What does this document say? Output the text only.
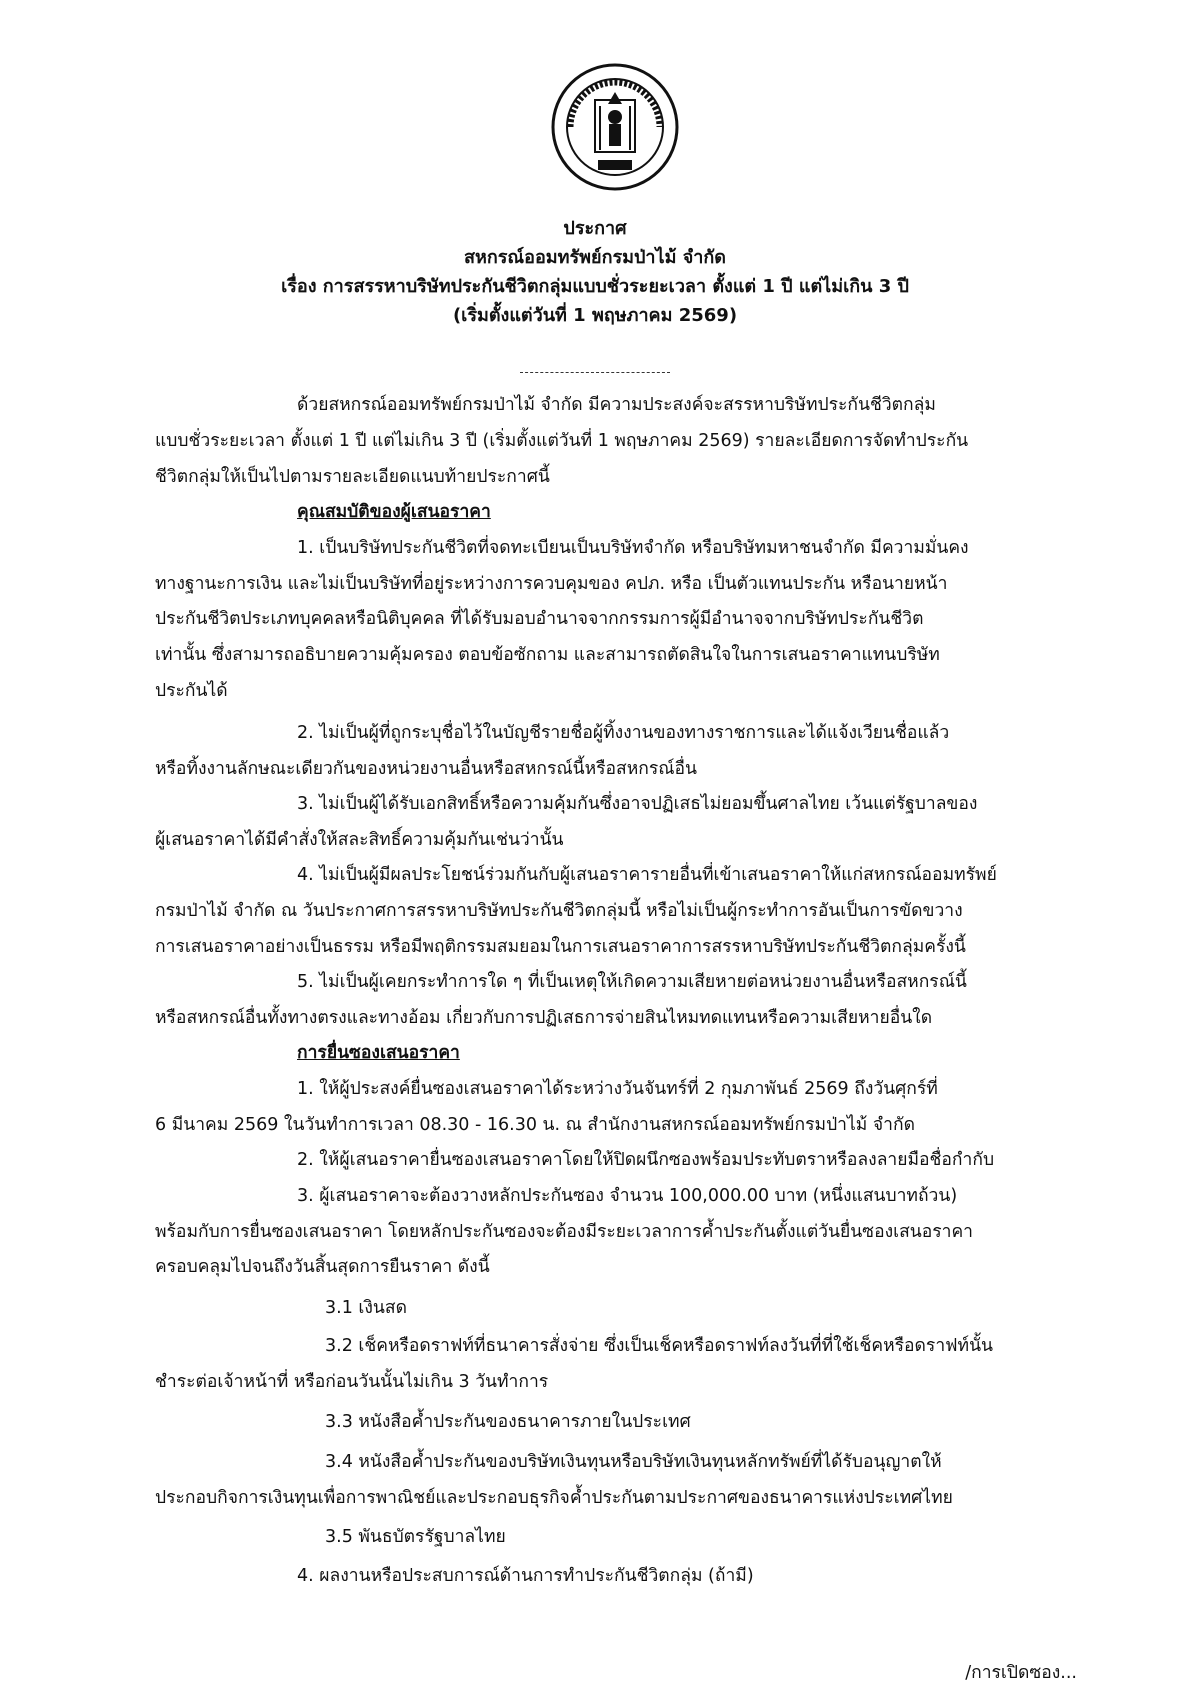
ประกาศ
สหกรณ์ออมทรัพย์กรมป่าไม้ จำกัด
เรื่อง การสรรหาบริษัทประกันชีวิตกลุ่มแบบชั่วระยะเวลา ตั้งแต่ 1 ปี แต่ไม่เกิน 3 ปี
(เริ่มตั้งแต่วันที่ 1 พฤษภาคม 2569)
ด้วยสหกรณ์ออมทรัพย์กรมป่าไม้ จำกัด มีความประสงค์จะสรรหาบริษัทประกันชีวิตกลุ่ม
แบบชั่วระยะเวลา ตั้งแต่ 1 ปี แต่ไม่เกิน 3 ปี (เริ่มตั้งแต่วันที่ 1 พฤษภาคม 2569) รายละเอียดการจัดทำประกัน
ชีวิตกลุ่มให้เป็นไปตามรายละเอียดแนบท้ายประกาศนี้
คุณสมบัติของผู้เสนอราคา
1. เป็นบริษัทประกันชีวิตที่จดทะเบียนเป็นบริษัทจำกัด หรือบริษัทมหาชนจำกัด มีความมั่นคง
ทางฐานะการเงิน และไม่เป็นบริษัทที่อยู่ระหว่างการควบคุมของ คปภ. หรือ เป็นตัวแทนประกัน หรือนายหน้า
ประกันชีวิตประเภทบุคคลหรือนิติบุคคล ที่ได้รับมอบอำนาจจากกรรมการผู้มีอำนาจจากบริษัทประกันชีวิต
เท่านั้น ซึ่งสามารถอธิบายความคุ้มครอง ตอบข้อซักถาม และสามารถตัดสินใจในการเสนอราคาแทนบริษัท
ประกันได้
2. ไม่เป็นผู้ที่ถูกระบุชื่อไว้ในบัญชีรายชื่อผู้ทิ้งงานของทางราชการและได้แจ้งเวียนชื่อแล้ว
หรือทิ้งงานลักษณะเดียวกันของหน่วยงานอื่นหรือสหกรณ์นี้หรือสหกรณ์อื่น
3. ไม่เป็นผู้ได้รับเอกสิทธิ์หรือความคุ้มกันซึ่งอาจปฏิเสธไม่ยอมขึ้นศาลไทย เว้นแต่รัฐบาลของ
ผู้เสนอราคาได้มีคำสั่งให้สละสิทธิ์ความคุ้มกันเช่นว่านั้น
4. ไม่เป็นผู้มีผลประโยชน์ร่วมกันกับผู้เสนอราคารายอื่นที่เข้าเสนอราคาให้แก่สหกรณ์ออมทรัพย์
กรมป่าไม้ จำกัด ณ วันประกาศการสรรหาบริษัทประกันชีวิตกลุ่มนี้ หรือไม่เป็นผู้กระทำการอันเป็นการขัดขวาง
การเสนอราคาอย่างเป็นธรรม หรือมีพฤติกรรมสมยอมในการเสนอราคาการสรรหาบริษัทประกันชีวิตกลุ่มครั้งนี้
5. ไม่เป็นผู้เคยกระทำการใด ๆ ที่เป็นเหตุให้เกิดความเสียหายต่อหน่วยงานอื่นหรือสหกรณ์นี้
หรือสหกรณ์อื่นทั้งทางตรงและทางอ้อม เกี่ยวกับการปฏิเสธการจ่ายสินไหมทดแทนหรือความเสียหายอื่นใด
การยื่นซองเสนอราคา
1. ให้ผู้ประสงค์ยื่นซองเสนอราคาได้ระหว่างวันจันทร์ที่ 2 กุมภาพันธ์ 2569 ถึงวันศุกร์ที่
6 มีนาคม 2569 ในวันทำการเวลา 08.30 - 16.30 น. ณ สำนักงานสหกรณ์ออมทรัพย์กรมป่าไม้ จำกัด
2. ให้ผู้เสนอราคายื่นซองเสนอราคาโดยให้ปิดผนึกซองพร้อมประทับตราหรือลงลายมือชื่อกำกับ
3. ผู้เสนอราคาจะต้องวางหลักประกันซอง จำนวน 100,000.00 บาท (หนึ่งแสนบาทถ้วน)
พร้อมกับการยื่นซองเสนอราคา โดยหลักประกันซองจะต้องมีระยะเวลาการค้ำประกันตั้งแต่วันยื่นซองเสนอราคา
ครอบคลุมไปจนถึงวันสิ้นสุดการยืนราคา ดังนี้
3.1 เงินสด
3.2 เช็คหรือดราฟท์ที่ธนาคารสั่งจ่าย ซึ่งเป็นเช็คหรือดราฟท์ลงวันที่ที่ใช้เช็คหรือดราฟท์นั้น
ชำระต่อเจ้าหน้าที่ หรือก่อนวันนั้นไม่เกิน 3 วันทำการ
3.3 หนังสือค้ำประกันของธนาคารภายในประเทศ
3.4 หนังสือค้ำประกันของบริษัทเงินทุนหรือบริษัทเงินทุนหลักทรัพย์ที่ได้รับอนุญาตให้
ประกอบกิจการเงินทุนเพื่อการพาณิชย์และประกอบธุรกิจค้ำประกันตามประกาศของธนาคารแห่งประเทศไทย
3.5 พันธบัตรรัฐบาลไทย
4. ผลงานหรือประสบการณ์ด้านการทำประกันชีวิตกลุ่ม (ถ้ามี)
/การเปิดซอง...
